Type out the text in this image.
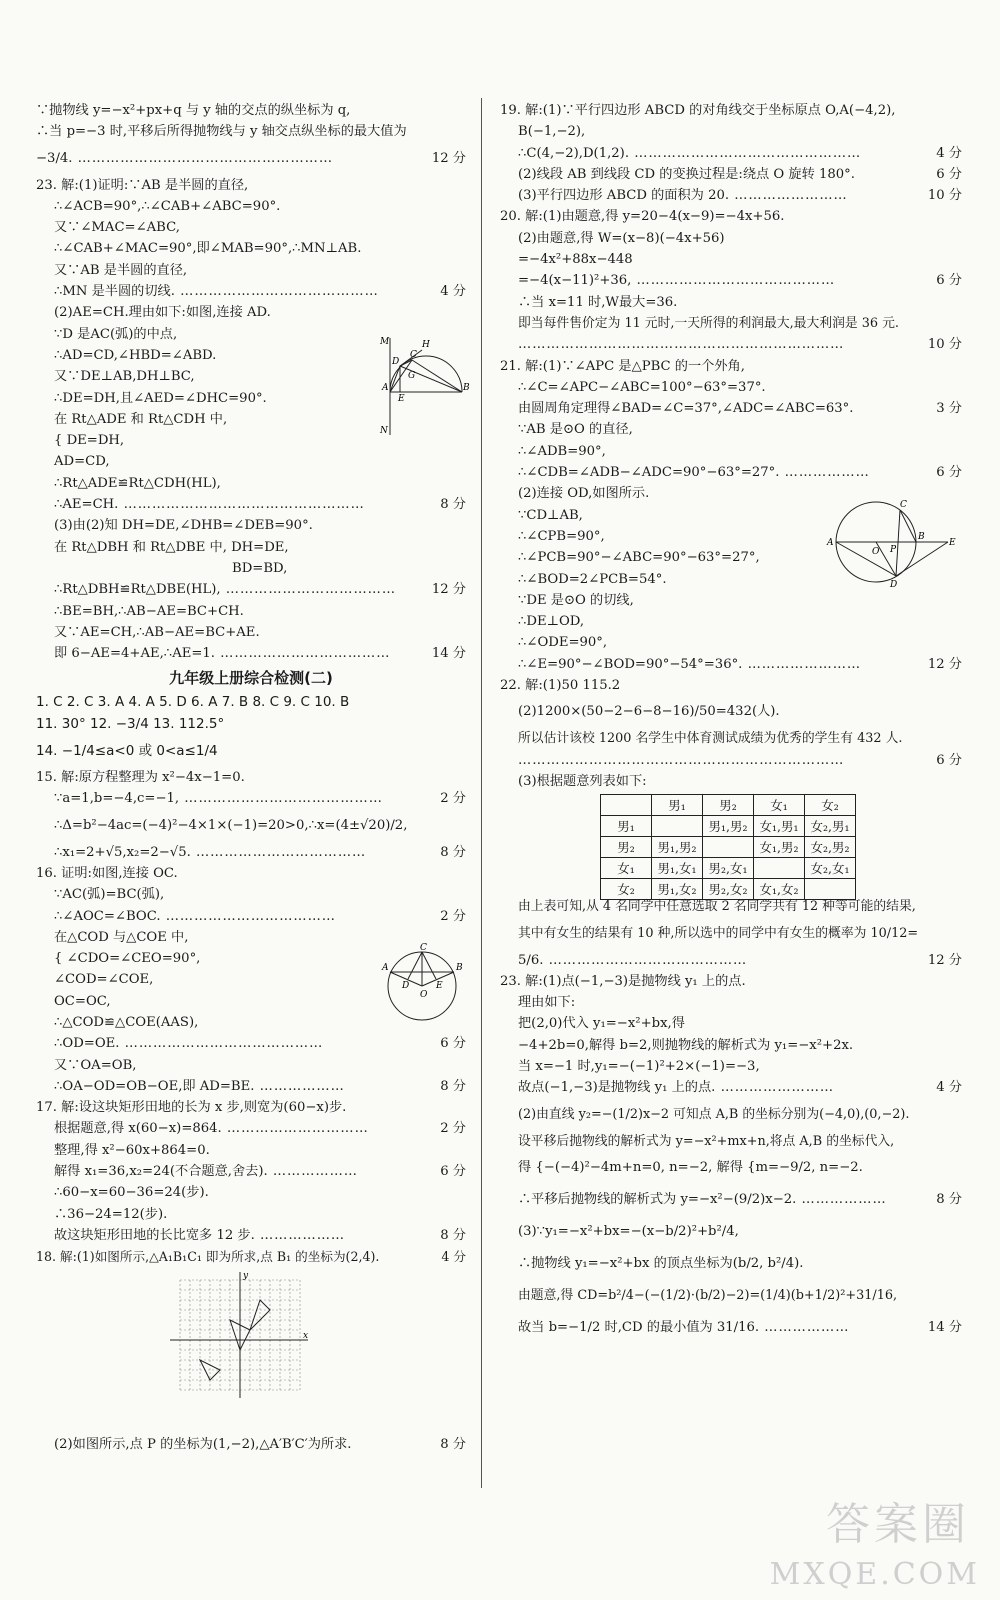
∵抛物线 y=−x²+px+q 与 y 轴的交点的纵坐标为 q,
∴当 p=−3 时,平移后所得抛物线与 y 轴交点纵坐标的最大值为
−3/4. ………………………………………………	12 分
23. 解:(1)证明:∵AB 是半圆的直径,
∴∠ACB=90°,∴∠CAB+∠ABC=90°.
又∵∠MAC=∠ABC,
∴∠CAB+∠MAC=90°,即∠MAB=90°,∴MN⊥AB.
又∵AB 是半圆的直径,
∴MN 是半圆的切线. ……………………………………	4 分
(2)AE=CH.理由如下:如图,连接 AD.
∵D 是AC(弧)的中点,
∴AD=CD,∠HBD=∠ABD.
又∵DE⊥AB,DH⊥BC,
∴DE=DH,且∠AED=∠DHC=90°.
在 Rt△ADE 和 Rt△CDH 中,
{ DE=DH,
AD=CD,
∴Rt△ADE≌Rt△CDH(HL),
∴AE=CH. ……………………………………………	8 分
(3)由(2)知 DH=DE,∠DHB=∠DEB=90°.
在 Rt△DBH 和 Rt△DBE 中, DH=DE,
BD=BD,
∴Rt△DBH≌Rt△DBE(HL), ………………………………	12 分
∴BE=BH,∴AB−AE=BC+CH.
又∵AE=CH,∴AB−AE=BC+AE.
即 6−AE=4+AE,∴AE=1. ………………………………	14 分
九年级上册综合检测(二)
1. C 2. C 3. A 4. A 5. D 6. A 7. B 8. C 9. C 10. B
11. 30° 12. −3/4 13. 112.5°
14. −1/4≤a<0 或 0<a≤1/4
15. 解:原方程整理为 x²−4x−1=0.
∵a=1,b=−4,c=−1, ……………………………………	2 分
∴Δ=b²−4ac=(−4)²−4×1×(−1)=20>0,∴x=(4±√20)/2,
∴x₁=2+√5,x₂=2−√5. ………………………………	8 分
16. 证明:如图,连接 OC.
∵AC(弧)=BC(弧),
∴∠AOC=∠BOC. ………………………………	2 分
在△COD 与△COE 中,
{ ∠CDO=∠CEO=90°,
∠COD=∠COE,
OC=OC,
∴△COD≌△COE(AAS),
∴OD=OE. ……………………………………	6 分
又∵OA=OB,
∴OA−OD=OB−OE,即 AD=BE. ………………	8 分
17. 解:设这块矩形田地的长为 x 步,则宽为(60−x)步.
根据题意,得 x(60−x)=864. …………………………	2 分
整理,得 x²−60x+864=0.
解得 x₁=36,x₂=24(不合题意,舍去). ………………	6 分
∴60−x=60−36=24(步).
∴36−24=12(步).
故这块矩形田地的长比宽多 12 步. ………………	8 分
18. 解:(1)如图所示,△A₁B₁C₁ 即为所求,点 B₁ 的坐标为(2,4).	4 分
(2)如图所示,点 P 的坐标为(1,−2),△A′B′C′为所求.	8 分
M
N
A	B
C
D
E
H
G
A	B
C
D	E
O
x
y
19. 解:(1)∵平行四边形 ABCD 的对角线交于坐标原点 O,A(−4,2),
B(−1,−2),
∴C(4,−2),D(1,2). …………………………………………	4 分
(2)线段 AB 到线段 CD 的变换过程是:绕点 O 旋转 180°.	6 分
(3)平行四边形 ABCD 的面积为 20. ……………………	10 分
20. 解:(1)由题意,得 y=20−4(x−9)=−4x+56.
(2)由题意,得 W=(x−8)(−4x+56)
=−4x²+88x−448
=−4(x−11)²+36, ……………………………………	6 分
∴当 x=11 时,W最大=36.
即当每件售价定为 11 元时,一天所得的利润最大,最大利润是 36 元.
……………………………………………………………	10 分
21. 解:(1)∵∠APC 是△PBC 的一个外角,
∴∠C=∠APC−∠ABC=100°−63°=37°.
由圆周角定理得∠BAD=∠C=37°,∠ADC=∠ABC=63°.	3 分
∵AB 是⊙O 的直径,
∴∠ADB=90°,
∴∠CDB=∠ADB−∠ADC=90°−63°=27°. ………………	6 分
(2)连接 OD,如图所示.
∵CD⊥AB,
∴∠CPB=90°,
∴∠PCB=90°−∠ABC=90°−63°=27°,
∴∠BOD=2∠PCB=54°.
∵DE 是⊙O 的切线,
∴DE⊥OD,
∴∠ODE=90°,
∴∠E=90°−∠BOD=90°−54°=36°. ……………………	12 分
22. 解:(1)50 115.2
(2)1200×(50−2−6−8−16)/50=432(人).
所以估计该校 1200 名学生中体育测试成绩为优秀的学生有 432 人.
……………………………………………………………	6 分
(3)根据题意列表如下:
	男₁	男₂	女₁	女₂
男₁		男₁,男₂	女₁,男₁	女₂,男₁
男₂	男₁,男₂		女₁,男₂	女₂,男₂
女₁	男₁,女₁	男₂,女₁		女₂,女₁
女₂	男₁,女₂	男₂,女₂	女₁,女₂	
由上表可知,从 4 名同学中任意选取 2 名同学共有 12 种等可能的结果,
其中有女生的结果有 10 种,所以选中的同学中有女生的概率为 10/12=
5/6. ……………………………………	12 分
23. 解:(1)点(−1,−3)是抛物线 y₁ 上的点.
理由如下:
把(2,0)代入 y₁=−x²+bx,得
−4+2b=0,解得 b=2,则抛物线的解析式为 y₁=−x²+2x.
当 x=−1 时,y₁=−(−1)²+2×(−1)=−3,
故点(−1,−3)是抛物线 y₁ 上的点. ……………………	4 分
(2)由直线 y₂=−(1/2)x−2 可知点 A,B 的坐标分别为(−4,0),(0,−2).
设平移后抛物线的解析式为 y=−x²+mx+n,将点 A,B 的坐标代入,
得 {−(−4)²−4m+n=0, n=−2, 解得 {m=−9/2, n=−2.
∴平移后抛物线的解析式为 y=−x²−(9/2)x−2. ………………	8 分
(3)∵y₁=−x²+bx=−(x−b/2)²+b²/4,
∴抛物线 y₁=−x²+bx 的顶点坐标为(b/2, b²/4).
由题意,得 CD=b²/4−(−(1/2)·(b/2)−2)=(1/4)(b+1/2)²+31/16,
故当 b=−1/2 时,CD 的最小值为 31/16. ………………	14 分
A
B
C
D
E
O P
答案圈
MXQE.COM
